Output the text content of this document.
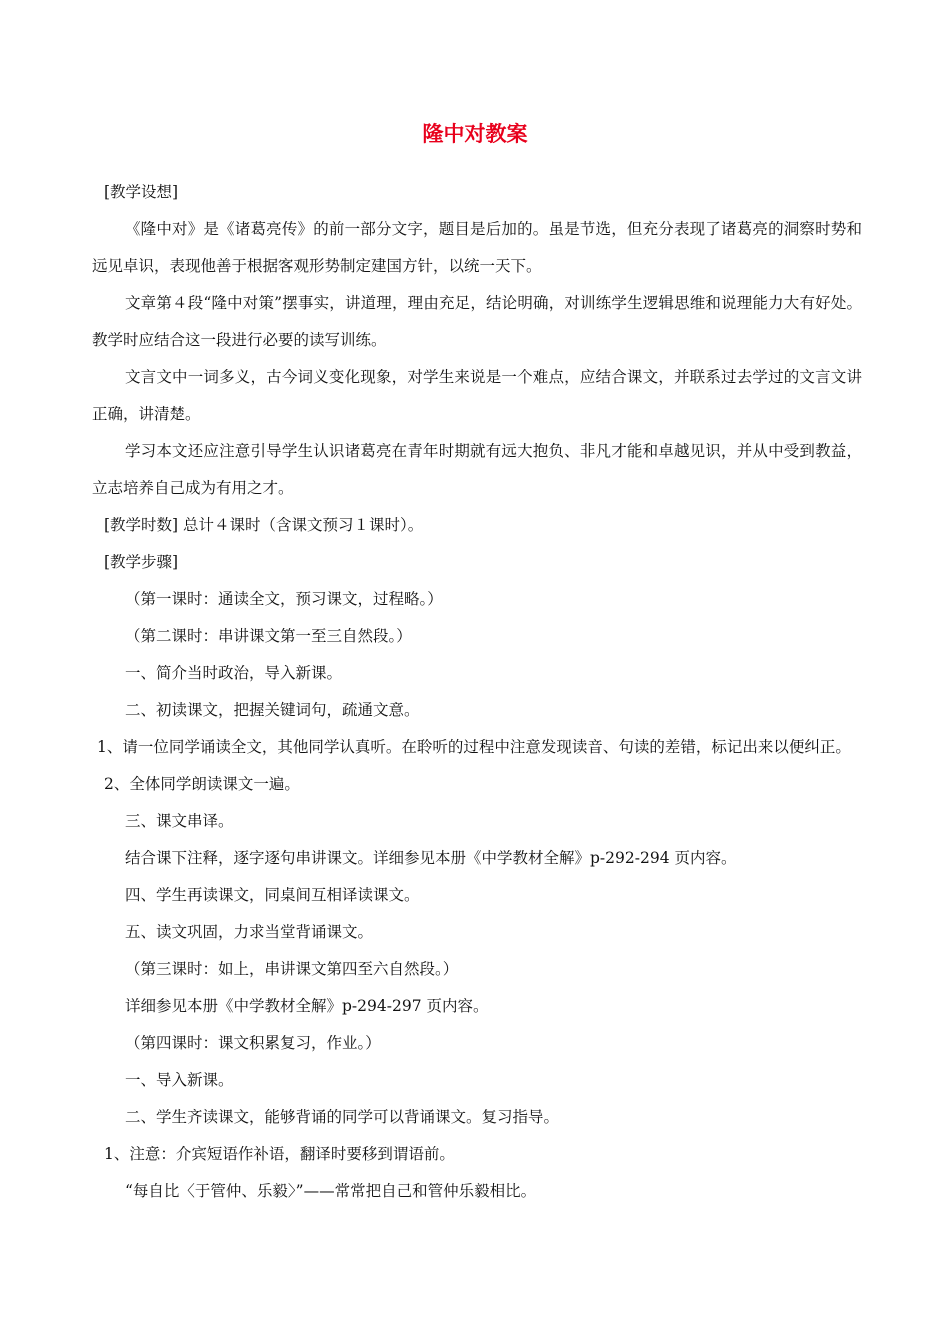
隆中对教案

[教学设想]

《隆中对》是《诸葛亮传》的前一部分文字，题目是后加的。虽是节选，但充分表现了诸葛亮的洞察时势和远见卓识，表现他善于根据客观形势制定建国方针，以统一天下。

文章第４段“隆中对策”摆事实，讲道理，理由充足，结论明确，对训练学生逻辑思维和说理能力大有好处。教学时应结合这一段进行必要的读写训练。

文言文中一词多义，古今词义变化现象，对学生来说是一个难点，应结合课文，并联系过去学过的文言文讲正确，讲清楚。

学习本文还应注意引导学生认识诸葛亮在青年时期就有远大抱负、非凡才能和卓越见识，并从中受到教益，立志培养自己成为有用之才。

[教学时数] 总计４课时（含课文预习１课时）。

[教学步骤]

（第一课时：通读全文，预习课文，过程略。）

（第二课时：串讲课文第一至三自然段。）

一、简介当时政治，导入新课。

二、初读课文，把握关键词句，疏通文意。

1、请一位同学诵读全文，其他同学认真听。在聆听的过程中注意发现读音、句读的差错，标记出来以便纠正。

2、全体同学朗读课文一遍。

三、课文串译。

结合课下注释，逐字逐句串讲课文。详细参见本册《中学教材全解》p-292-294 页内容。

四、学生再读课文，同桌间互相译读课文。

五、读文巩固，力求当堂背诵课文。

（第三课时：如上，串讲课文第四至六自然段。）

详细参见本册《中学教材全解》p-294-297 页内容。

（第四课时：课文积累复习，作业。）

一、导入新课。

二、学生齐读课文，能够背诵的同学可以背诵课文。复习指导。

1、注意：介宾短语作补语，翻译时要移到谓语前。

“每自比〈于管仲、乐毅〉”——常常把自己和管仲乐毅相比。
